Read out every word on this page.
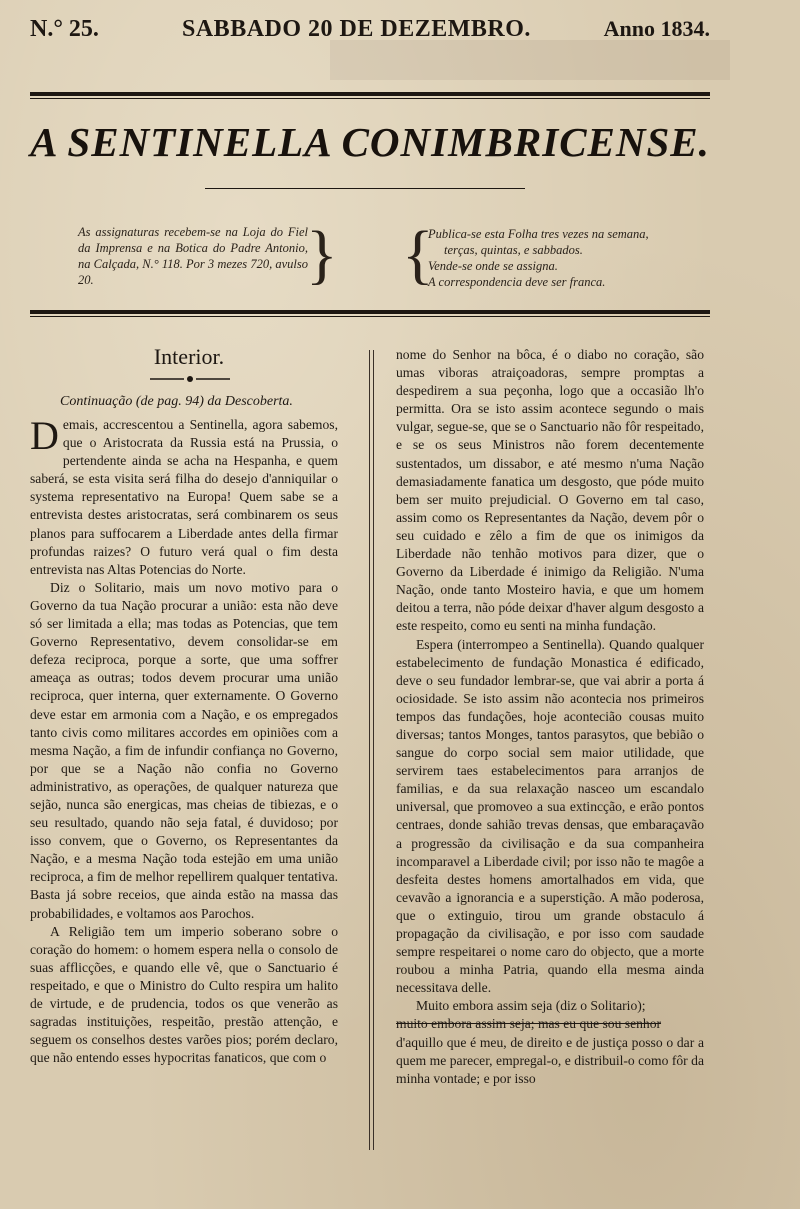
N.° 25.	SABBADO 20 DE DEZEMBRO.	Anno 1834.
A SENTINELLA CONIMBRICENSE.
As assignaturas recebem-se na Loja do Fiel da Imprensa e na Botica do Padre Antonio, na Calçada, N.° 118. Por 3 mezes 720, avulso 20.	} {
Publica-se esta Folha tres vezes na semana,
terças, quintas, e sabbados.
Vende-se onde se assigna.
A correspondencia deve ser franca.
Interior.
Continuação (de pag. 94) da Descoberta.

Demais, accrescentou a Sentinella, agora sabemos, que o Aristocrata da Russia está na Prussia, o pertendente ainda se acha na Hespanha, e quem saberá, se esta visita será filha do desejo d'anniquilar o systema representativo na Europa! Quem sabe se a entrevista destes aristocratas, será combinarem os seus planos para suffocarem a Liberdade antes della firmar profundas raizes? O futuro verá qual o fim desta entrevista nas Altas Potencias do Norte.

Diz o Solitario, mais um novo motivo para o Governo da tua Nação procurar a união: esta não deve só ser limitada a ella; mas todas as Potencias, que tem Governo Representativo, devem consolidar-se em defeza reciproca, porque a sorte, que uma soffrer ameaça as outras; todos devem procurar uma união reciproca, quer interna, quer externamente. O Governo deve estar em armonia com a Nação, e os empregados tanto civis como militares accordes em opiniões com a mesma Nação, a fim de infundir confiança no Governo, por que se a Nação não confia no Governo administrativo, as operações, de qualquer natureza que sejão, nunca são energicas, mas cheias de tibiezas, e o seu resultado, quando não seja fatal, é duvidoso; por isso convem, que o Governo, os Representantes da Nação, e a mesma Nação toda estejão em uma união reciproca, a fim de melhor repellirem qualquer tentativa. Basta já sobre receios, que ainda estão na massa das probabilidades, e voltamos aos Parochos.

A Religião tem um imperio soberano sobre o coração do homem: o homem espera nella o consolo de suas afflicções, e quando elle vê, que o Sanctuario é respeitado, e que o Ministro do Culto respira um halito de virtude, e de prudencia, todos os que venerão as sagradas instituições, respeitão, prestão attenção, e seguem os conselhos destes varões pios; porém declaro, que não entendo esses hypocritas fanaticos, que com o

nome do Senhor na bôca, é o diabo no coração, são umas viboras atraiçoadoras, sempre promptas a despedirem a sua peçonha, logo que a occasião lh'o permitta. Ora se isto assim acontece segundo o mais vulgar, segue-se, que se o Sanctuario não fôr respeitado, e se os seus Ministros não forem decentemente sustentados, um dissabor, e até mesmo n'uma Nação demasiadamente fanatica um desgosto, que póde muito bem ser muito prejudicial. O Governo em tal caso, assim como os Representantes da Nação, devem pôr o seu cuidado e zêlo a fim de que os inimigos da Liberdade não tenhão motivos para dizer, que o Governo da Liberdade é inimigo da Religião. N'uma Nação, onde tanto Mosteiro havia, e que um homem deitou a terra, não póde deixar d'haver algum desgosto a este respeito, como eu senti na minha fundação.

Espera (interrompeo a Sentinella). Quando qualquer estabelecimento de fundação Monastica é edificado, deve o seu fundador lembrar-se, que vai abrir a porta á ociosidade. Se isto assim não acontecia nos primeiros tempos das fundações, hoje acontecião cousas muito diversas; tantos Monges, tantos parasytos, que bebião o sangue do corpo social sem maior utilidade, que servirem taes estabelecimentos para arranjos de familias, e da sua relaxação nasceo um escandalo universal, que promoveo a sua extincção, e erão pontos centraes, donde sahião trevas densas, que embaraçavão a progressão da civilisação e da sua companheira incomparavel a Liberdade civil; por isso não te magôe a desfeita destes homens amortalhados em vida, que cevavão a ignorancia e a superstição. A mão poderosa, que o extinguio, tirou um grande obstaculo á propagação da civilisação, e por isso com saudade sempre respeitarei o nome caro do objecto, que a morte roubou a minha Patria, quando ella mesma ainda necessitava delle.

Muito embora assim seja (diz o Solitario);

muito embora assim seja; mas eu que sou senhor

d'aquillo que é meu, de direito e de justiça posso o dar a quem me parecer, empregal-o, e distribuil-o como fôr da minha vontade; e por isso
